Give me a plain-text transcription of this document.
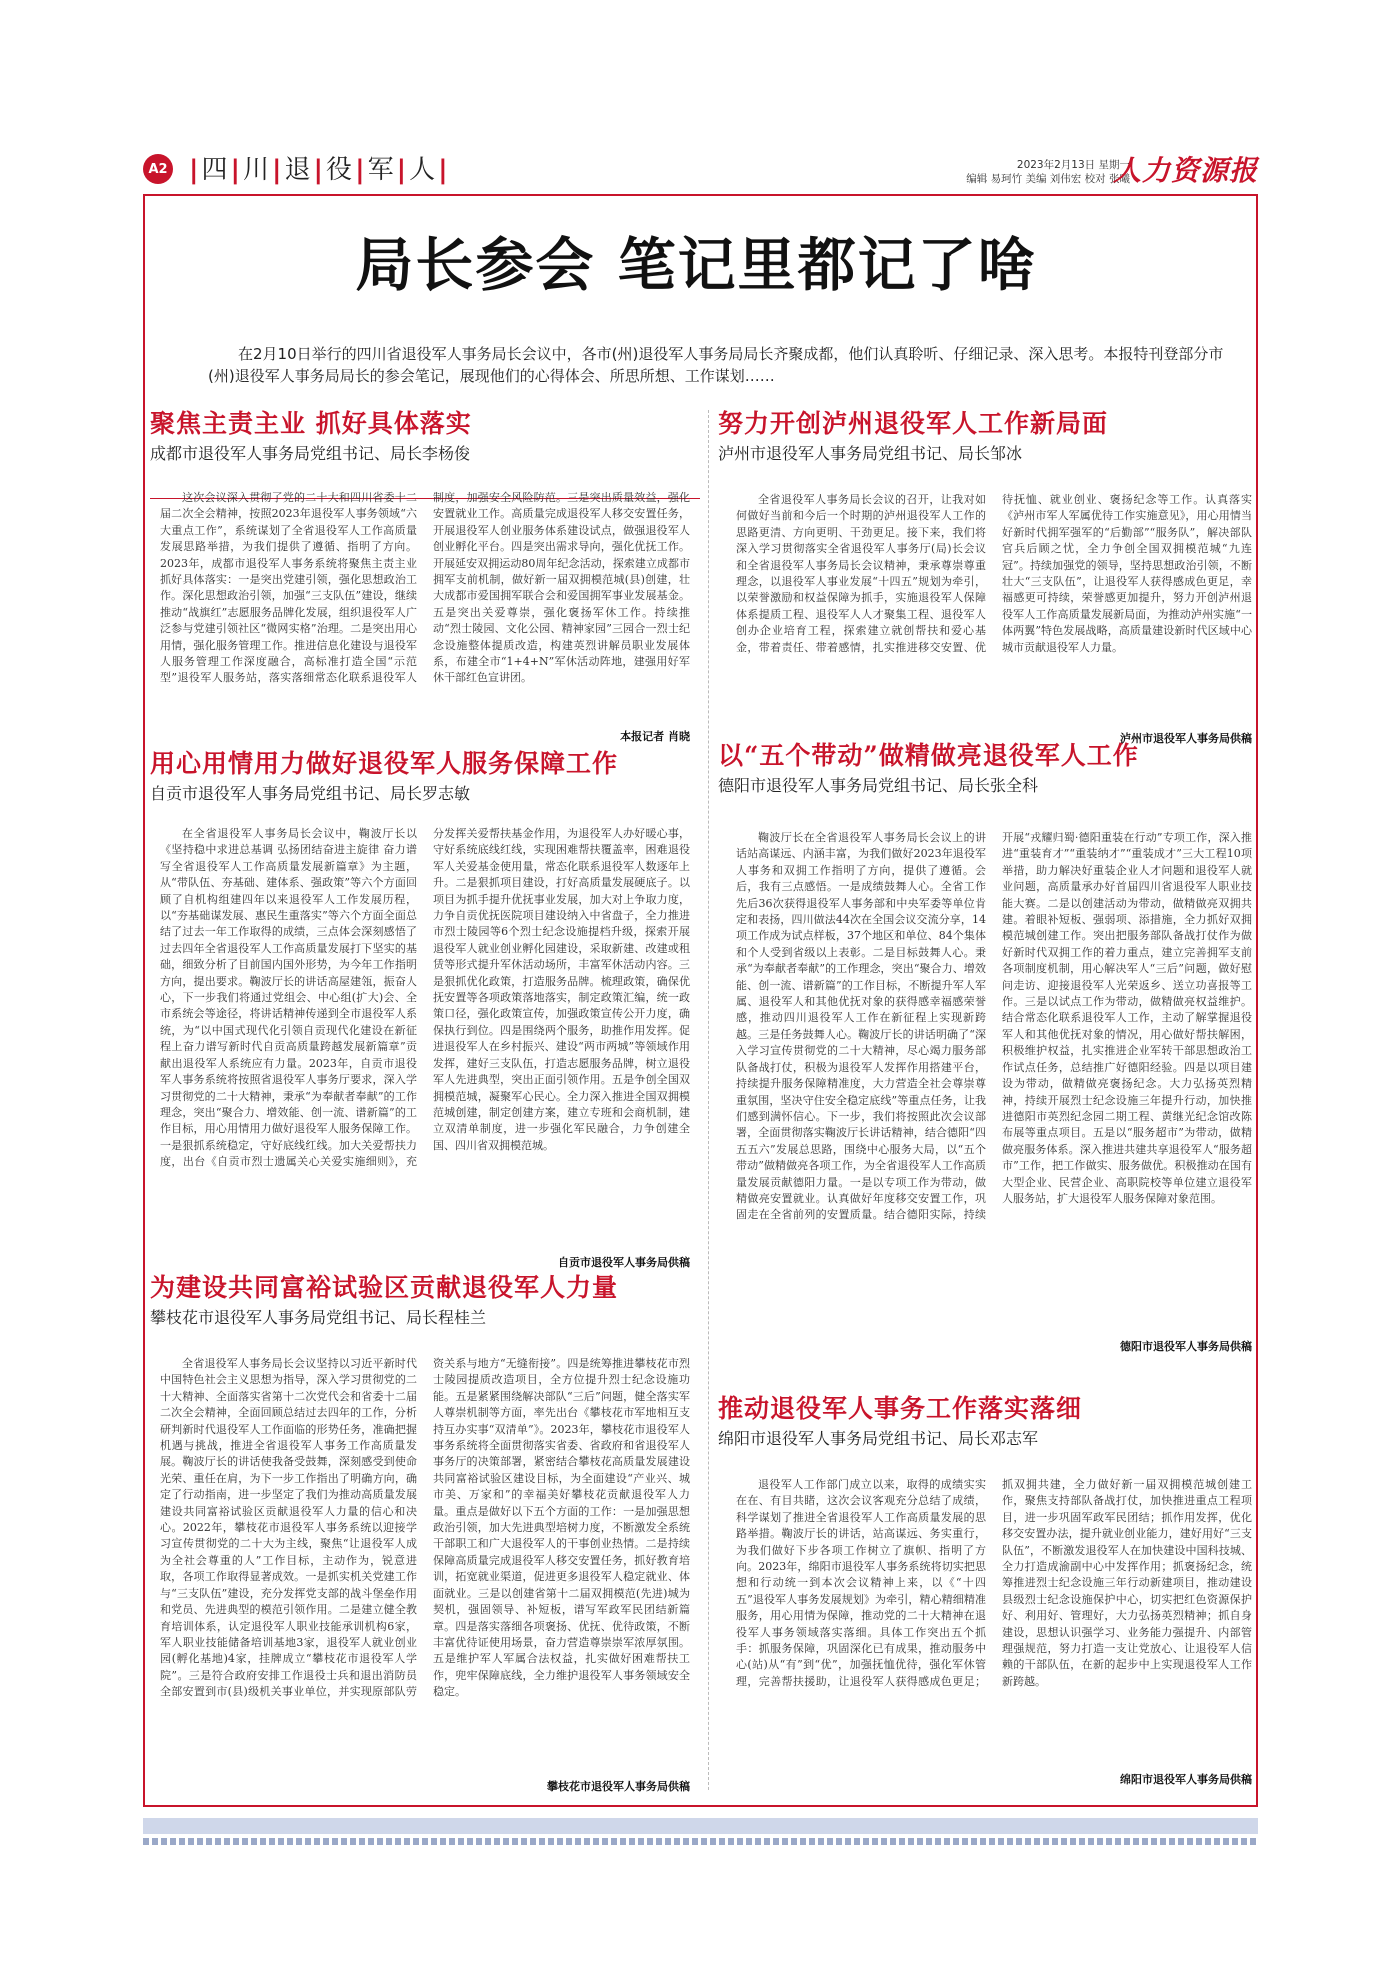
A2 |四|川|退|役|军|人|	2023年2月13日 星期一
编辑 易珂竹 美编 刘伟宏 校对 张曦
人力资源报
局长参会 笔记里都记了啥

在2月10日举行的四川省退役军人事务局长会议中，各市(州)退役军人事务局局长齐聚成都，他们认真聆听、仔细记录、深入思考。本报特刊登部分市(州)退役军人事务局局长的参会笔记，展现他们的心得体会、所思所想、工作谋划……

聚焦主责主业 抓好具体落实
成都市退役军人事务局党组书记、局长李杨俊

这次会议深入贯彻了党的二十大和四川省委十二届二次全会精神，按照2023年退役军人事务领域“六大重点工作”，系统谋划了全省退役军人工作高质量发展思路举措，为我们提供了遵循、指明了方向。2023年，成都市退役军人事务系统将聚焦主责主业抓好具体落实：一是突出党建引领，强化思想政治工作。深化思想政治引领，加强“三支队伍”建设，继续推动“战旗红”志愿服务品牌化发展，组织退役军人广泛参与党建引领社区“微网实格”治理。二是突出用心用情，强化服务管理工作。推进信息化建设与退役军人服务管理工作深度融合，高标准打造全国“示范型”退役军人服务站，落实落细常态化联系退役军人制度，加强安全风险防范。三是突出质量效益，强化安置就业工作。高质量完成退役军人移交安置任务，开展退役军人创业服务体系建设试点，做强退役军人创业孵化平台。四是突出需求导向，强化优抚工作。开展延安双拥运动80周年纪念活动，探索建立成都市拥军支前机制，做好新一届双拥模范城(县)创建，壮大成都市爱国拥军联合会和爱国拥军事业发展基金。五是突出关爱尊崇，强化褒扬军休工作。持续推动“烈士陵园、文化公园、精神家园”三园合一烈士纪念设施整体提质改造，构建英烈讲解员职业发展体系，布建全市“1+4+N”军休活动阵地，建强用好军休干部红色宣讲团。

本报记者 肖晓
用心用情用力做好退役军人服务保障工作
自贡市退役军人事务局党组书记、局长罗志敏

在全省退役军人事务局长会议中，鞠波厅长以《坚持稳中求进总基调 弘扬团结奋进主旋律 奋力谱写全省退役军人工作高质量发展新篇章》为主题，从“带队伍、夯基础、建体系、强政策”等六个方面回顾了自机构组建四年以来退役军人工作发展历程，以“夯基础谋发展、惠民生重落实”等六个方面全面总结了过去一年工作取得的成绩，三点体会深刻感悟了过去四年全省退役军人工作高质量发展打下坚实的基础，细致分析了目前国内国外形势，为今年工作指明方向，提出要求。鞠波厅长的讲话高屋建瓴，振奋人心，下一步我们将通过党组会、中心组(扩大)会、全市系统会等途径，将讲话精神传递到全市退役军人系统，为“以中国式现代化引领自贡现代化建设在新征程上奋力谱写新时代自贡高质量跨越发展新篇章”贡献出退役军人系统应有力量。2023年，自贡市退役军人事务系统将按照省退役军人事务厅要求，深入学习贯彻党的二十大精神，秉承“为奉献者奉献”的工作理念，突出“聚合力、增效能、创一流、谱新篇”的工作目标，用心用情用力做好退役军人服务保障工作。一是狠抓系统稳定，守好底线红线。加大关爱帮扶力度，出台《自贡市烈士遗属关心关爱实施细则》，充分发挥关爱帮扶基金作用，为退役军人办好暖心事，守好系统底线红线，实现困难帮扶覆盖率，困难退役军人关爱基金使用量，常态化联系退役军人数逐年上升。二是狠抓项目建设，打好高质量发展硬底子。以项目为抓手提升优抚事业发展，加大对上争取力度，力争自贡优抚医院项目建设纳入中省盘子，全力推进市烈士陵园等6个烈士纪念设施提档升级，探索开展退役军人就业创业孵化园建设，采取新建、改建或租赁等形式提升军休活动场所，丰富军休活动内容。三是狠抓优化政策，打造服务品牌。梳理政策，确保优抚安置等各项政策落地落实，制定政策汇编，统一政策口径，强化政策宣传，加强政策宣传公开力度，确保执行到位。四是围绕两个服务，助推作用发挥。促进退役军人在乡村振兴、建设“两市两城”等领域作用发挥，建好三支队伍，打造志愿服务品牌，树立退役军人先进典型，突出正面引领作用。五是争创全国双拥模范城，凝聚军心民心。全力深入推进全国双拥模范城创建，制定创建方案，建立专班和会商机制，建立双清单制度，进一步强化军民融合，力争创建全国、四川省双拥模范城。

自贡市退役军人事务局供稿
为建设共同富裕试验区贡献退役军人力量
攀枝花市退役军人事务局党组书记、局长程桂兰

全省退役军人事务局长会议坚持以习近平新时代中国特色社会主义思想为指导，深入学习贯彻党的二十大精神、全面落实省第十二次党代会和省委十二届二次全会精神，全面回顾总结过去四年的工作，分析研判新时代退役军人工作面临的形势任务，准确把握机遇与挑战，推进全省退役军人事务工作高质量发展。鞠波厅长的讲话使我备受鼓舞，深刻感受到使命光荣、重任在肩，为下一步工作指出了明确方向，确定了行动指南，进一步坚定了我们为推动高质量发展建设共同富裕试验区贡献退役军人力量的信心和决心。2022年，攀枝花市退役军人事务系统以迎接学习宣传贯彻党的二十大为主线，聚焦“让退役军人成为全社会尊重的人”工作目标，主动作为，锐意进取，各项工作取得显著成效。一是抓实机关党建工作与“三支队伍”建设，充分发挥党支部的战斗堡垒作用和党员、先进典型的模范引领作用。二是建立健全教育培训体系，认定退役军人职业技能承训机构6家，军人职业技能储备培训基地3家，退役军人就业创业园(孵化基地)4家，挂牌成立“攀枝花市退役军人学院”。三是符合政府安排工作退役士兵和退出消防员全部安置到市(县)级机关事业单位，并实现原部队劳资关系与地方“无缝衔接”。四是统筹推进攀枝花市烈士陵园提质改造项目，全方位提升烈士纪念设施功能。五是紧紧围绕解决部队“三后”问题，健全落实军人尊崇机制等方面，率先出台《攀枝花市军地相互支持互办实事“双清单”》。2023年，攀枝花市退役军人事务系统将全面贯彻落实省委、省政府和省退役军人事务厅的决策部署，紧密结合攀枝花高质量发展建设共同富裕试验区建设目标，为全面建设“产业兴、城市美、万家和”的幸福美好攀枝花贡献退役军人力量。重点是做好以下五个方面的工作：一是加强思想政治引领，加大先进典型培树力度，不断激发全系统干部职工和广大退役军人的干事创业热情。二是持续保障高质量完成退役军人移交安置任务，抓好教育培训，拓宽就业渠道，促进更多退役军人稳定就业、体面就业。三是以创建省第十二届双拥模范(先进)城为契机，强固领导、补短板，谱写军政军民团结新篇章。四是落实落细各项褒扬、优抚、优待政策，不断丰富优待证使用场景，奋力营造尊崇崇军浓厚氛围。五是维护军人军属合法权益，扎实做好困难帮扶工作，兜牢保障底线，全力维护退役军人事务领域安全稳定。

攀枝花市退役军人事务局供稿
努力开创泸州退役军人工作新局面
泸州市退役军人事务局党组书记、局长邹冰

全省退役军人事务局长会议的召开，让我对如何做好当前和今后一个时期的泸州退役军人工作的思路更清、方向更明、干劲更足。接下来，我们将深入学习贯彻落实全省退役军人事务厅(局)长会议和全省退役军人事务局长会议精神，秉承尊崇尊重理念，以退役军人事业发展“十四五”规划为牵引，以荣誉激励和权益保障为抓手，实施退役军人保障体系提质工程、退役军人人才聚集工程、退役军人创办企业培育工程，探索建立就创帮扶和爱心基金，带着责任、带着感情，扎实推进移交安置、优待抚恤、就业创业、褒扬纪念等工作。认真落实《泸州市军人军属优待工作实施意见》，用心用情当好新时代拥军强军的“后勤部”“服务队”，解决部队官兵后顾之忧，全力争创全国双拥模范城“九连冠”。持续加强党的领导，坚持思想政治引领，不断壮大“三支队伍”，让退役军人获得感成色更足，幸福感更可持续，荣誉感更加提升，努力开创泸州退役军人工作高质量发展新局面，为推动泸州实施“一体两翼”特色发展战略，高质量建设新时代区域中心城市贡献退役军人力量。

泸州市退役军人事务局供稿
以“五个带动”做精做亮退役军人工作
德阳市退役军人事务局党组书记、局长张全科

鞠波厅长在全省退役军人事务局长会议上的讲话站高谋远、内涵丰富，为我们做好2023年退役军人事务和双拥工作指明了方向，提供了遵循。会后，我有三点感悟。一是成绩鼓舞人心。全省工作先后36次获得退役军人事务部和中央军委等单位肯定和表扬，四川做法44次在全国会议交流分享，14项工作成为试点样板，37个地区和单位、84个集体和个人受到省级以上表彰。二是目标鼓舞人心。秉承“为奉献者奉献”的工作理念，突出“聚合力、增效能、创一流、谱新篇”的工作目标，不断提升军人军属、退役军人和其他优抚对象的获得感幸福感荣誉感，推动四川退役军人工作在新征程上实现新跨越。三是任务鼓舞人心。鞠波厅长的讲话明确了“深入学习宣传贯彻党的二十大精神，尽心竭力服务部队备战打仗，积极为退役军人发挥作用搭建平台，持续提升服务保障精准度，大力营造全社会尊崇尊重氛围，坚决守住安全稳定底线”等重点任务，让我们感到满怀信心。下一步，我们将按照此次会议部署，全面贯彻落实鞠波厅长讲话精神，结合德阳“四五五六”发展总思路，围绕中心服务大局，以“五个带动”做精做亮各项工作，为全省退役军人工作高质量发展贡献德阳力量。一是以专项工作为带动，做精做亮安置就业。认真做好年度移交安置工作，巩固走在全省前列的安置质量。结合德阳实际，持续开展“戎耀归蜀·德阳重装在行动”专项工作，深入推进“重装育才”“重装纳才”“重装成才”三大工程10项举措，助力解决好重装企业人才问题和退役军人就业问题，高质量承办好首届四川省退役军人职业技能大赛。二是以创建活动为带动，做精做亮双拥共建。着眼补短板、强弱项、添措施，全力抓好双拥模范城创建工作。突出把服务部队备战打仗作为做好新时代双拥工作的着力重点，建立完善拥军支前各项制度机制，用心解决军人“三后”问题，做好慰问走访、迎接退役军人光荣返乡、送立功喜报等工作。三是以试点工作为带动，做精做亮权益维护。结合常态化联系退役军人工作，主动了解掌握退役军人和其他优抚对象的情况，用心做好帮扶解困，积极维护权益，扎实推进企业军转干部思想政治工作试点任务，总结推广好德阳经验。四是以项目建设为带动，做精做亮褒扬纪念。大力弘扬英烈精神，持续开展烈士纪念设施三年提升行动，加快推进德阳市英烈纪念园二期工程、黄继光纪念馆改陈布展等重点项目。五是以“服务超市”为带动，做精做亮服务体系。深入推进共建共享退役军人“服务超市”工作，把工作做实、服务做优。积极推动在国有大型企业、民营企业、高职院校等单位建立退役军人服务站，扩大退役军人服务保障对象范围。

德阳市退役军人事务局供稿
推动退役军人事务工作落实落细
绵阳市退役军人事务局党组书记、局长邓志军

退役军人工作部门成立以来，取得的成绩实实在在、有目共睹，这次会议客观充分总结了成绩，科学谋划了推进全省退役军人工作高质量发展的思路举措。鞠波厅长的讲话，站高谋远、务实重行，为我们做好下步各项工作树立了旗帜、指明了方向。2023年，绵阳市退役军人事务系统将切实把思想和行动统一到本次会议精神上来，以《“十四五”退役军人事务发展规划》为牵引，精心精细精准服务，用心用情为保障，推动党的二十大精神在退役军人事务领域落实落细。具体工作突出五个抓手：抓服务保障，巩固深化已有成果，推动服务中心(站)从“有”到“优”，加强抚恤优待，强化军休管理，完善帮扶援助，让退役军人获得感成色更足；抓双拥共建，全力做好新一届双拥模范城创建工作，聚焦支持部队备战打仗，加快推进重点工程项目，进一步巩固军政军民团结；抓作用发挥，优化移交安置办法，提升就业创业能力，建好用好“三支队伍”，不断激发退役军人在加快建设中国科技城、全力打造成渝副中心中发挥作用；抓褒扬纪念，统筹推进烈士纪念设施三年行动新建项目，推动建设县级烈士纪念设施保护中心，切实把红色资源保护好、利用好、管理好，大力弘扬英烈精神；抓自身建设，思想认识强学习、业务能力强提升、内部管理强规范，努力打造一支让党放心、让退役军人信赖的干部队伍，在新的起步中上实现退役军人工作新跨越。

绵阳市退役军人事务局供稿
